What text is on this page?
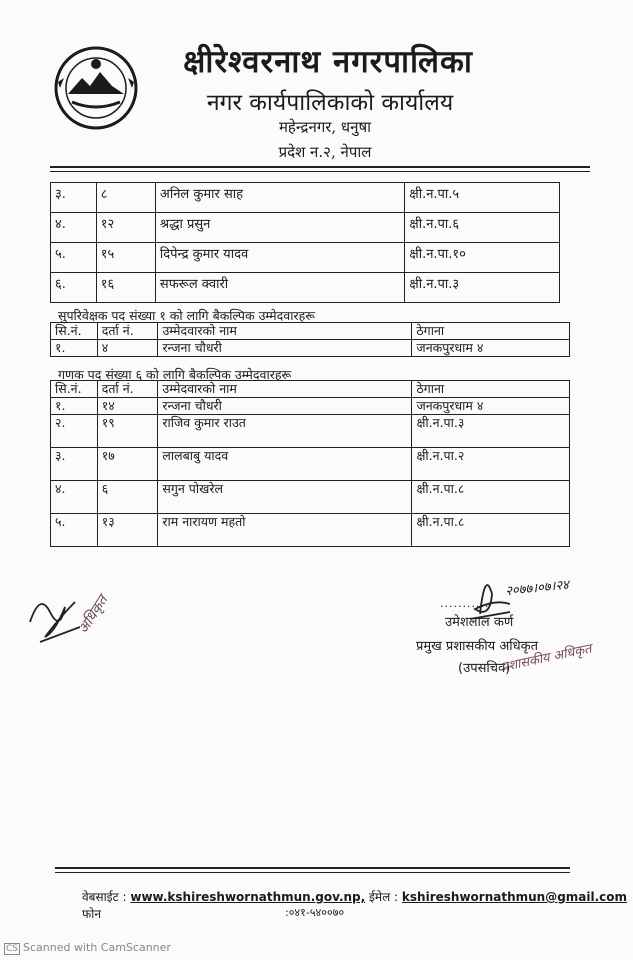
क्षीरेश्वरनाथ नगरपालिका
नगर कार्यपालिकाको कार्यालय
महेन्द्रनगर, धनुषा
प्रदेश न.२, नेपाल
३.	८	अनिल कुमार साह	क्षी.न.पा.५
४.	१२	श्रद्धा प्रसुन	क्षी.न.पा.६
५.	१५	दिपेन्द्र कुमार यादव	क्षी.न.पा.१०
६.	१६	सफरूल क्वारी	क्षी.न.पा.३
सुपरिवेक्षक पद संख्या १ को लागि बैकल्पिक उम्मेदवारहरू
सि.नं.	दर्ता नं.	उम्मेदवारको नाम	ठेगाना
१.	४	रन्जना चौधरी	जनकपुरधाम ४
गणक पद संख्या ६ को लागि बैकल्पिक उम्मेदवारहरू
सि.नं.	दर्ता नं.	उम्मेदवारको नाम	ठेगाना
१.	१४	रन्जना चौधरी	जनकपुरधाम ४
२.	१९	राजिव कुमार राउत	क्षी.न.पा.३
३.	१७	लालबाबु यादव	क्षी.न.पा.२
४.	६	सगुन पोखरेल	क्षी.न.पा.८
५.	१३	राम नारायण महतो	क्षी.न.पा.८
अधिकृत
२०७७।०७।२४
...........
उमेशलाल कर्ण
प्रमुख प्रशासकीय अधिकृत
(उपसचिव)
प्रशासकीय अधिकृत
वेबसाईट : www.kshireshwornathmun.gov.np, ईमेल : kshireshwornathmun@gmail.com फोन	:०४१-५४००७०
CS Scanned with CamScanner
